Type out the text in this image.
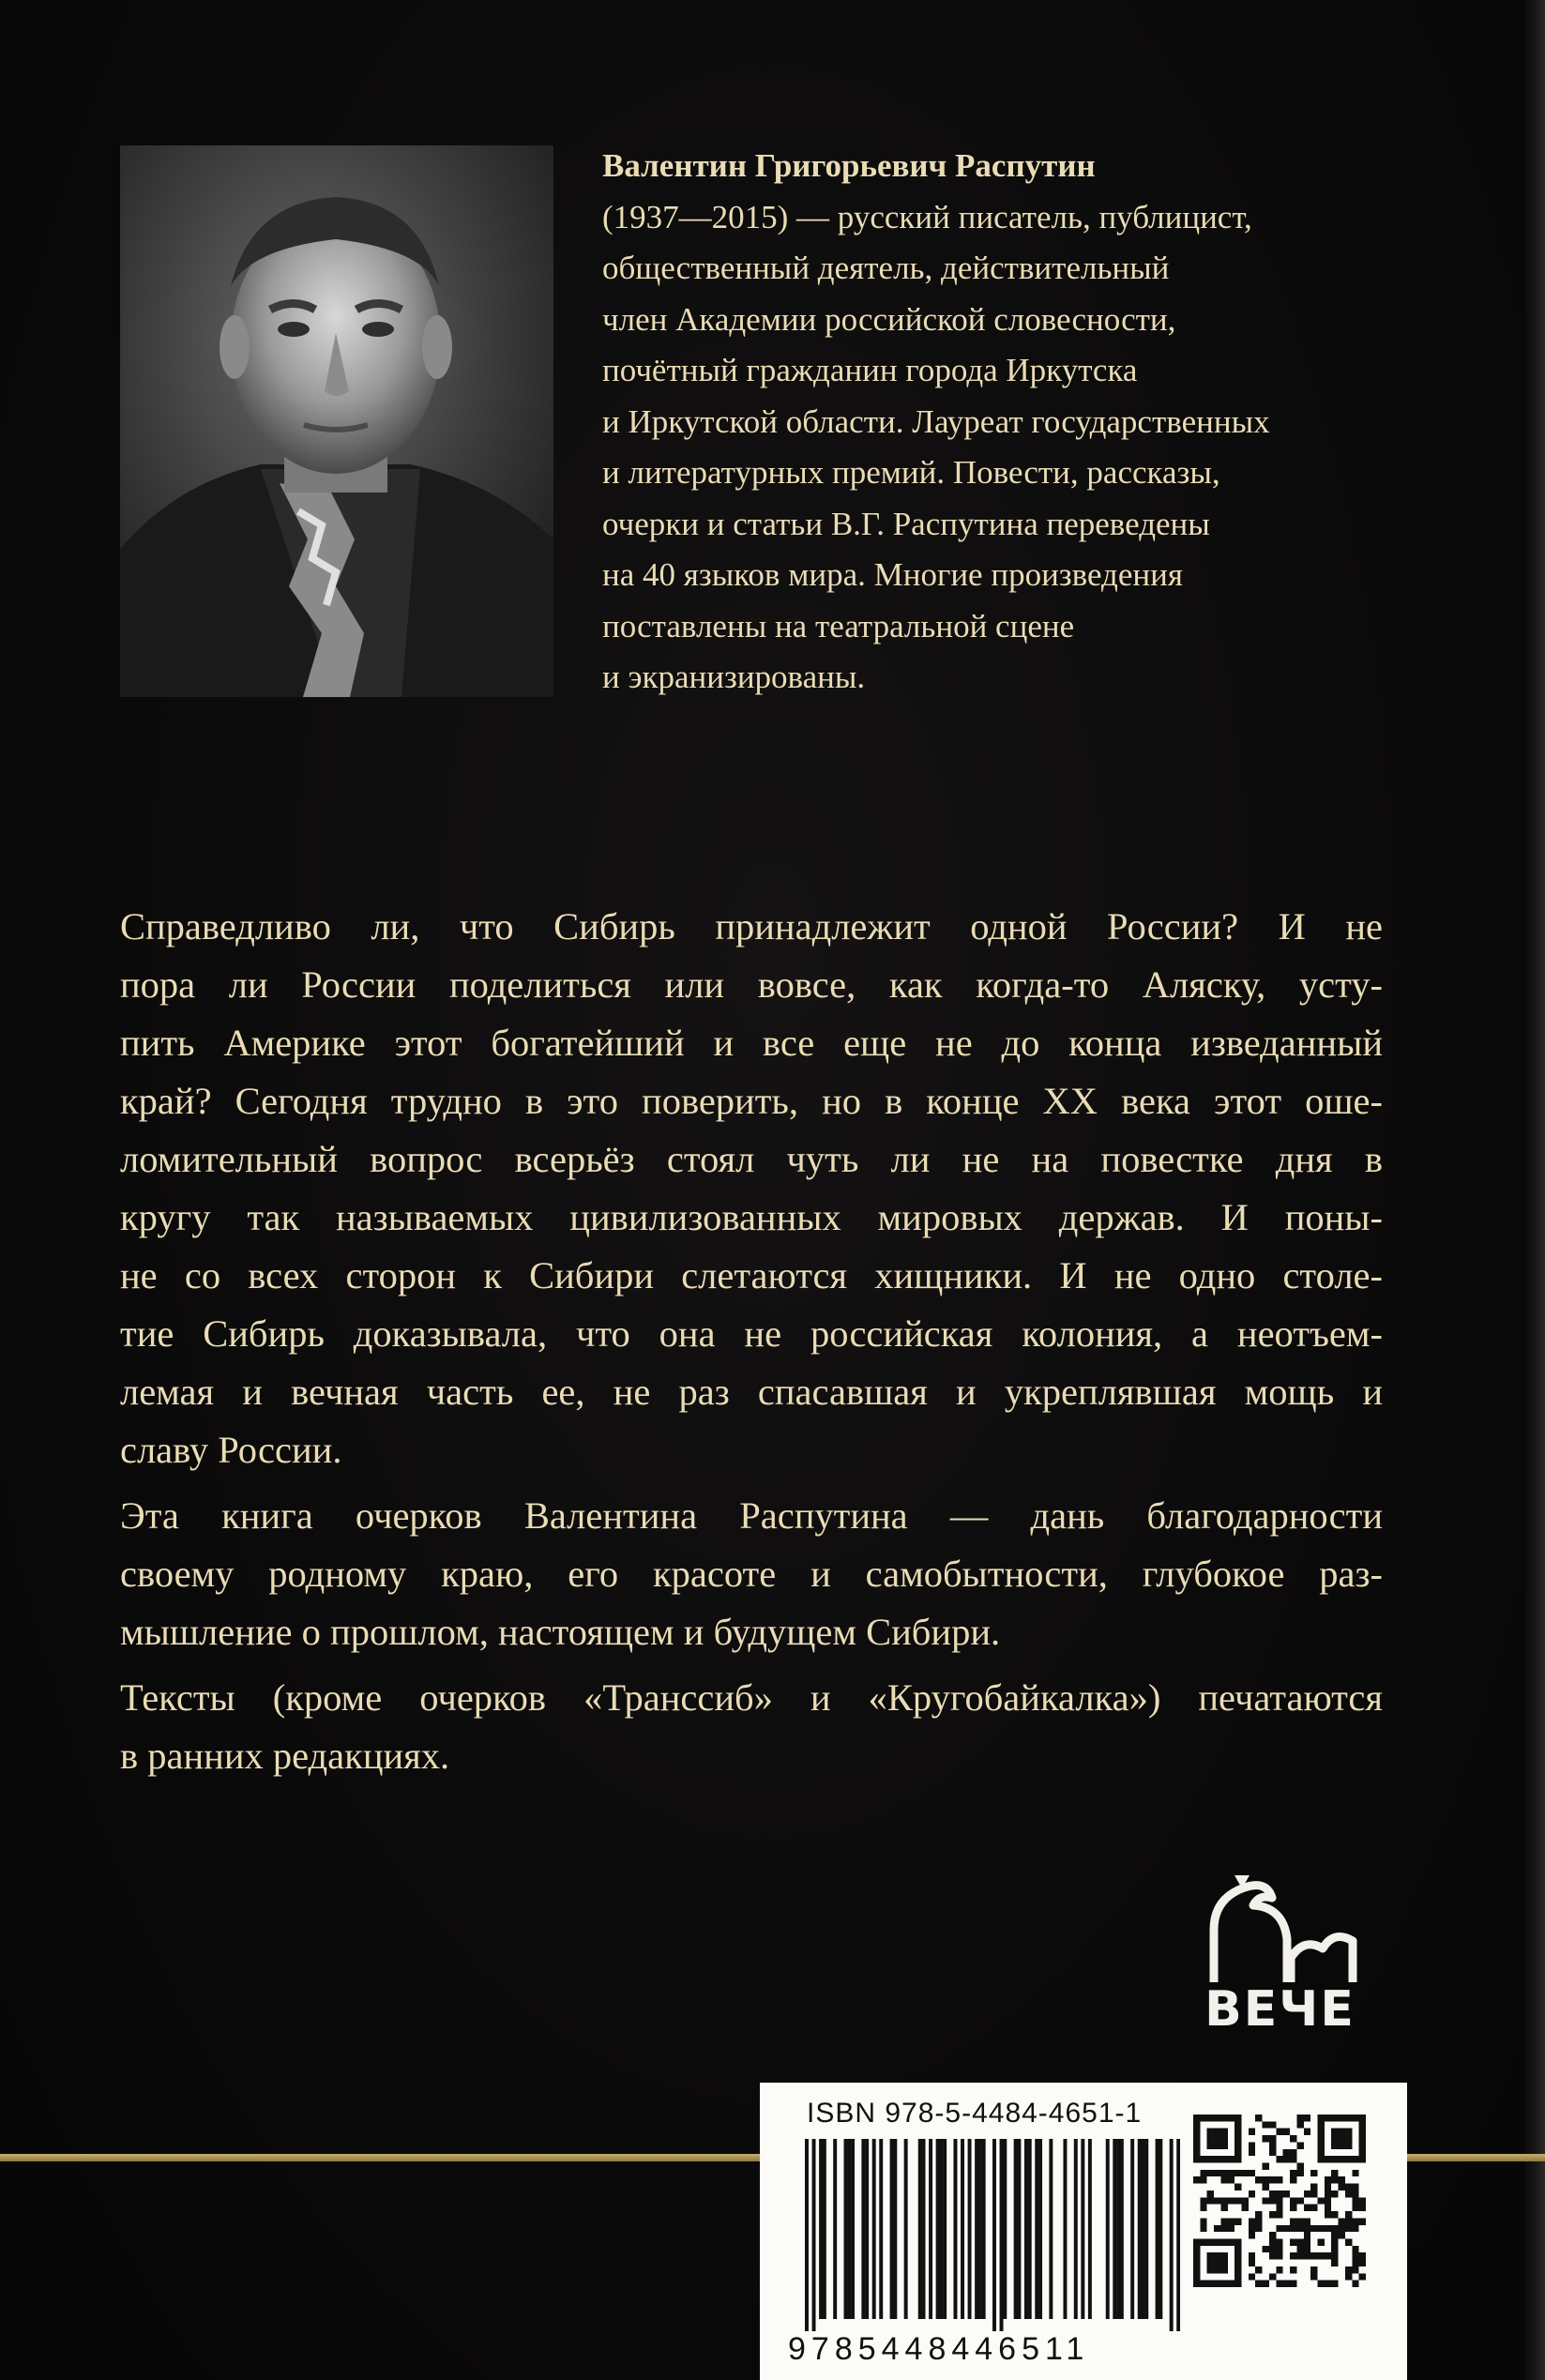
Валентин Григорьевич Распутин
(1937—2015) — русский писатель, публицист,
общественный деятель, действительный
член Академии российской словесности,
почётный гражданин города Иркутска
и Иркутской области. Лауреат государственных
и литературных премий. Повести, рассказы,
очерки и статьи В.Г. Распутина переведены
на 40 языков мира. Многие произведения
поставлены на театральной сцене
и экранизированы.
Справедливо ли, что Сибирь принадлежит одной России? И не
пора ли России поделиться или вовсе, как когда-то Аляску, усту-
пить Америке этот богатейший и все еще не до конца изведанный
край? Сегодня трудно в это поверить, но в конце XX века этот оше-
ломительный вопрос всерьёз стоял чуть ли не на повестке дня в
кругу так называемых цивилизованных мировых держав. И поны-
не со всех сторон к Сибири слетаются хищники. И не одно столе-
тие Сибирь доказывала, что она не российская колония, а неотъем-
лемая и вечная часть ее, не раз спасавшая и укреплявшая мощь и
славу России.
Эта книга очерков Валентина Распутина — дань благодарности
своему родному краю, его красоте и самобытности, глубокое раз-
мышление о прошлом, настоящем и будущем Сибири.
Тексты (кроме очерков «Транссиб» и «Кругобайкалка») печатаются
в ранних редакциях.
ВЕЧЕ
ISBN 978-5-4484-4651-1
9785448446511
